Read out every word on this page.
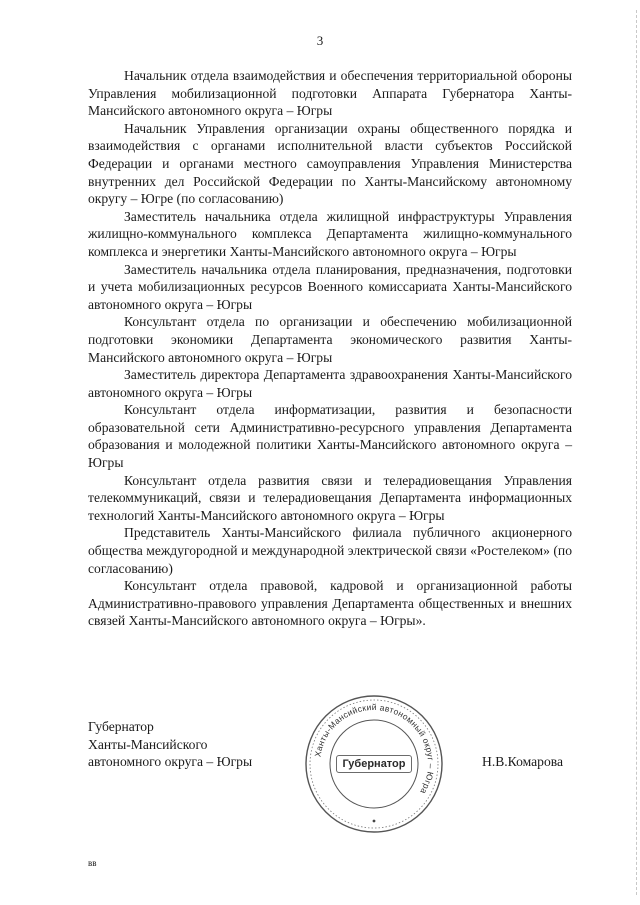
3

Начальник отдела взаимодействия и обеспечения территориальной обороны Управления мобилизационной подготовки Аппарата Губернатора Ханты-Мансийского автономного округа – Югры

Начальник Управления организации охраны общественного порядка и взаимодействия с органами исполнительной власти субъектов Российской Федерации и органами местного самоуправления Управления Министерства внутренних дел Российской Федерации по Ханты-Мансийскому автономному округу – Югре (по согласованию)

Заместитель начальника отдела жилищной инфраструктуры Управления жилищно-коммунального комплекса Департамента жилищно-коммунального комплекса и энергетики Ханты-Мансийского автономного округа – Югры

Заместитель начальника отдела планирования, предназначения, подготовки и учета мобилизационных ресурсов Военного комиссариата Ханты-Мансийского автономного округа – Югры

Консультант отдела по организации и обеспечению мобилизационной подготовки экономики Департамента экономического развития Ханты-Мансийского автономного округа – Югры

Заместитель директора Департамента здравоохранения Ханты-Мансийского автономного округа – Югры

Консультант отдела информатизации, развития и безопасности образовательной сети Административно-ресурсного управления Департамента образования и молодежной политики Ханты-Мансийского автономного округа – Югры

Консультант отдела развития связи и телерадиовещания Управления телекоммуникаций, связи и телерадиовещания Департамента информационных технологий Ханты-Мансийского автономного округа – Югры

Представитель Ханты-Мансийского филиала публичного акционерного общества междугородной и международной электрической связи «Ростелеком» (по согласованию)

Консультант отдела правовой, кадровой и организационной работы Административно-правового управления Департамента общественных и внешних связей Ханты-Мансийского автономного округа – Югры».

Губернатор
Ханты-Мансийского
автономного округа – Югры
Ханты-Мансийский автономный округ – Югра
Губернатор	Н.В.Комарова
вв
